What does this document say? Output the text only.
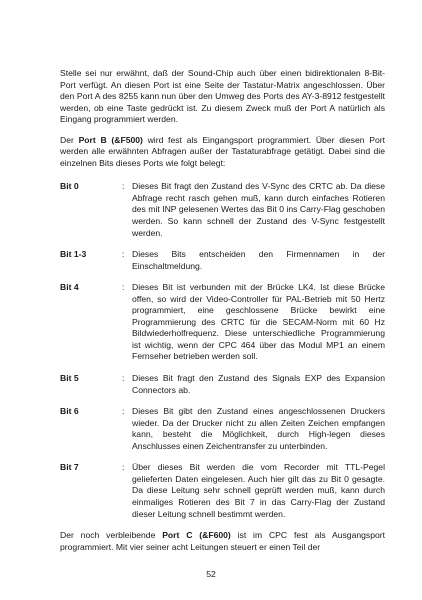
Stelle sei nur erwähnt, daß der Sound-Chip auch über einen bidirektionalen 8-Bit-Port verfügt. An diesen Port ist eine Seite der Tastatur-Matrix angeschlossen. Über den Port A des 8255 kann nun über den Umweg des Ports des AY-3-8912 festgestellt werden, ob eine Taste gedrückt ist. Zu diesem Zweck muß der Port A natürlich als Eingang programmiert werden.

Der Port B (&F500) wird fest als Eingangsport programmiert. Über diesen Port werden alle erwähnten Abfragen außer der Tastaturabfrage getätigt. Dabei sind die einzelnen Bits dieses Ports wie folgt belegt:

Bit 0	: Dieses Bit fragt den Zustand des V-Sync des CRTC ab. Da diese Abfrage recht rasch gehen muß, kann durch einfaches Rotieren des mit INP gelesenen Wertes das Bit 0 ins Carry-Flag geschoben werden. So kann schnell der Zustand des V-Sync festgestellt werden.
Bit 1-3	: Dieses Bits entscheiden den Firmennamen in der Einschaltmeldung.
Bit 4	: Dieses Bit ist verbunden mit der Brücke LK4. Ist diese Brücke offen, so wird der Video-Controller für PAL-Betrieb mit 50 Hertz programmiert, eine geschlossene Brücke bewirkt eine Programmierung des CRTC für die SECAM-Norm mit 60 Hz Bildwiederholfrequenz. Diese unterschiedliche Programmierung ist wichtig, wenn der CPC 464 über das Modul MP1 an einem Fernseher betrieben werden soll.
Bit 5	: Dieses Bit fragt den Zustand des Signals EXP des Expansion Connectors ab.
Bit 6	: Dieses Bit gibt den Zustand eines angeschlossenen Druckers wieder. Da der Drucker nicht zu allen Zeiten Zeichen empfangen kann, besteht die Möglichkeit, durch High-legen dieses Anschlusses einen Zeichentransfer zu unterbinden.
Bit 7	: Über dieses Bit werden die vom Recorder mit TTL-Pegel gelieferten Daten eingelesen. Auch hier gilt das zu Bit 0 gesagte. Da diese Leitung sehr schnell geprüft werden muß, kann durch einmaliges Rotieren des Bit 7 in das Carry-Flag der Zustand dieser Leitung schnell bestimmt werden.

Der noch verbleibende Port C (&F600) ist im CPC fest als Ausgangsport programmiert. Mit vier seiner acht Leitungen steuert er einen Teil der

52
